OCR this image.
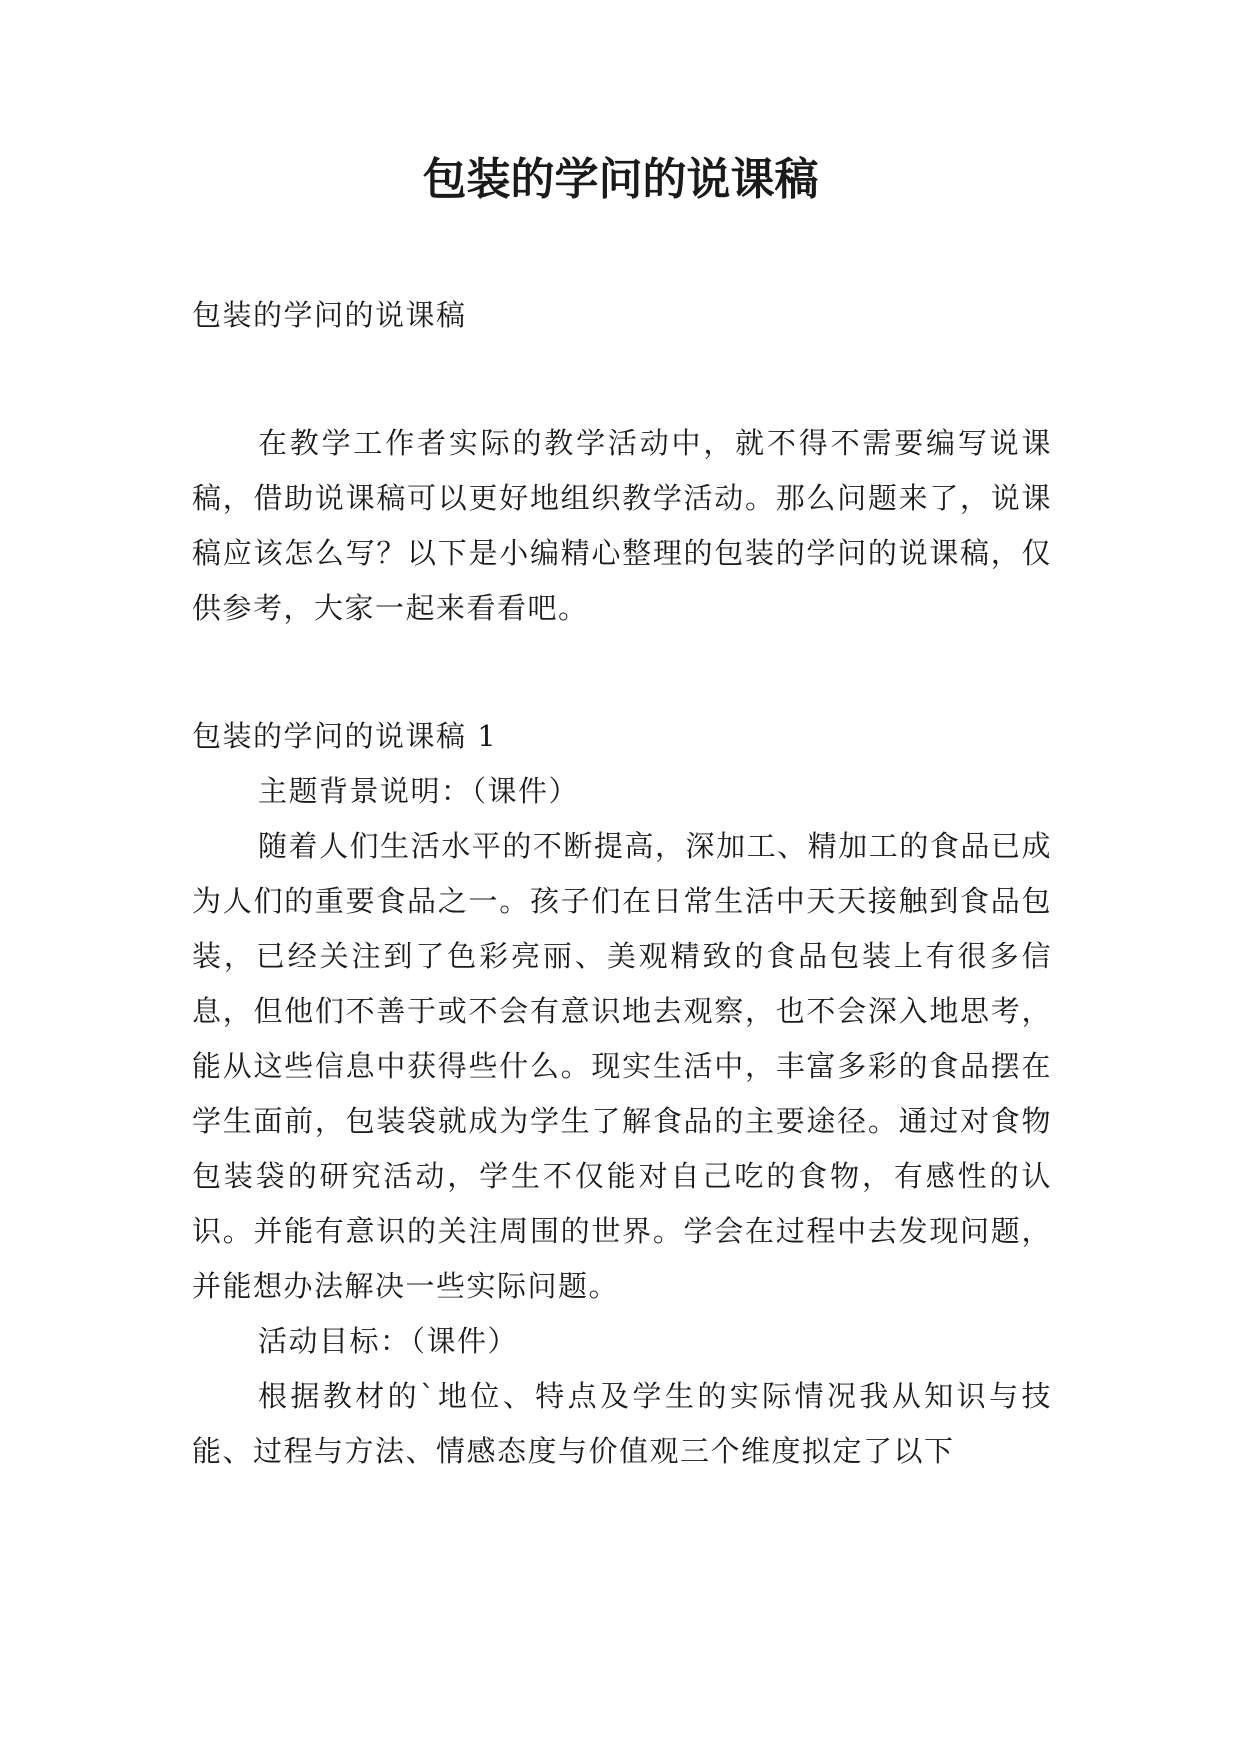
包装的学问的说课稿

包装的学问的说课稿

在教学工作者实际的教学活动中，就不得不需要编写说课稿，借助说课稿可以更好地组织教学活动。那么问题来了，说课稿应该怎么写？以下是小编精心整理的包装的学问的说课稿，仅供参考，大家一起来看看吧。

包装的学问的说课稿 1

主题背景说明：（课件）

随着人们生活水平的不断提高，深加工、精加工的食品已成为人们的重要食品之一。孩子们在日常生活中天天接触到食品包装，已经关注到了色彩亮丽、美观精致的食品包装上有很多信息，但他们不善于或不会有意识地去观察，也不会深入地思考，能从这些信息中获得些什么。现实生活中，丰富多彩的食品摆在学生面前，包装袋就成为学生了解食品的主要途径。通过对食物包装袋的研究活动，学生不仅能对自己吃的食物，有感性的认识。并能有意识的关注周围的世界。学会在过程中去发现问题，并能想办法解决一些实际问题。

活动目标：（课件）

根据教材的`地位、特点及学生的实际情况我从知识与技能、过程与方法、情感态度与价值观三个维度拟定了以下
